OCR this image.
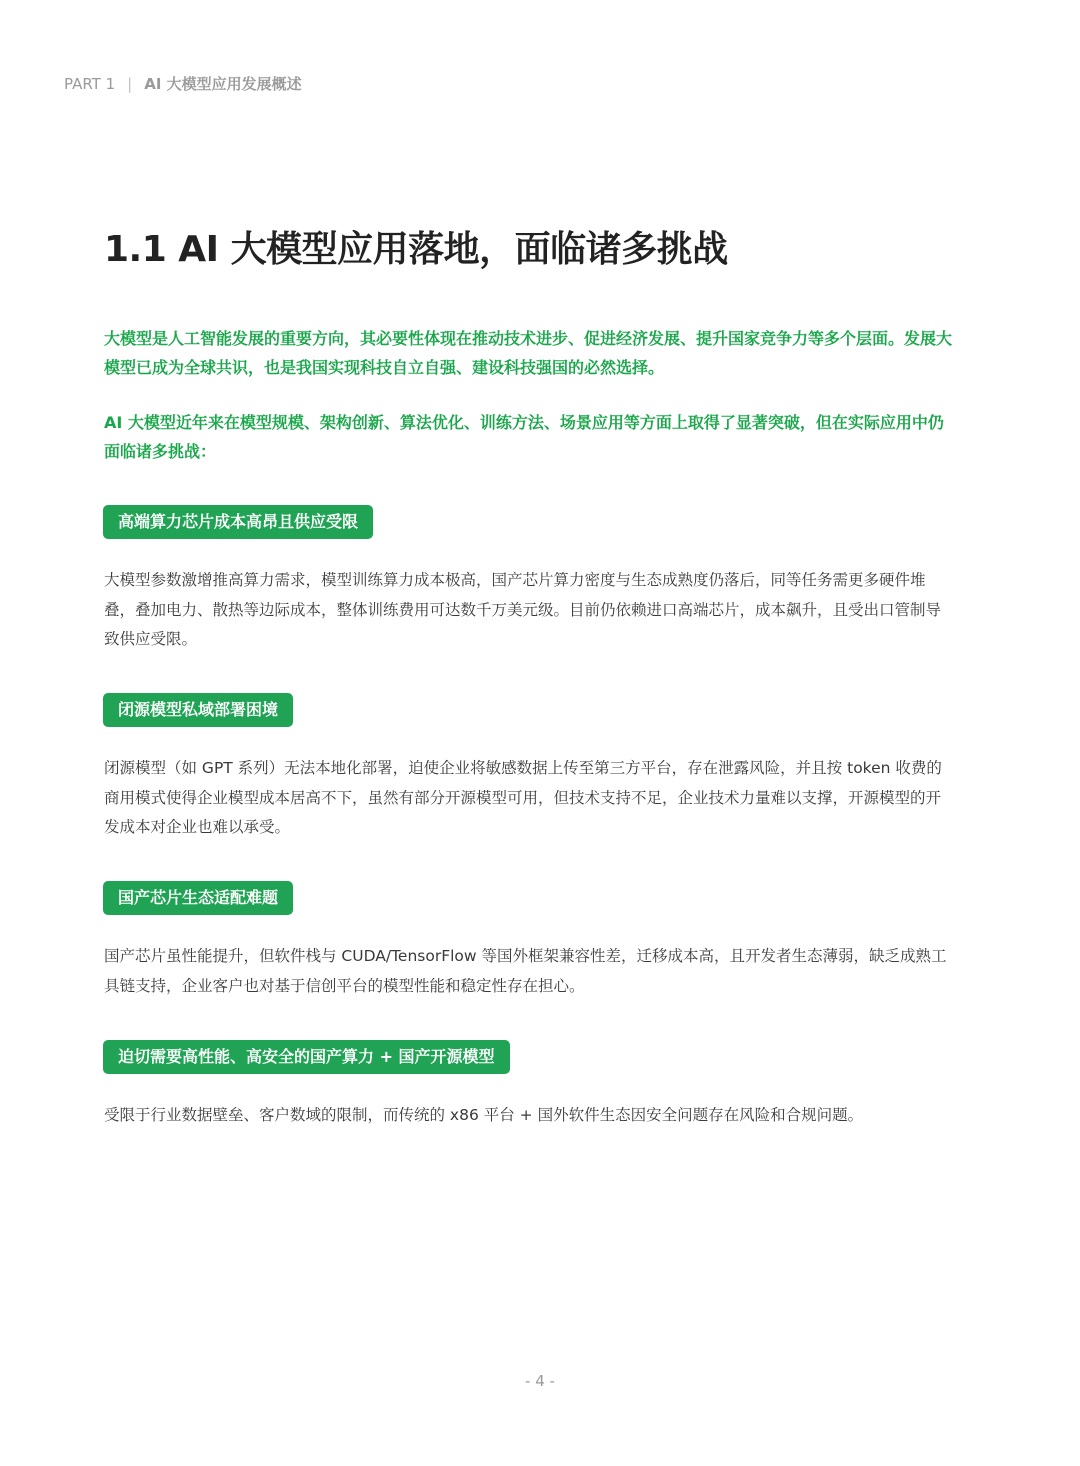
PART 1 | AI 大模型应用发展概述
1.1 AI 大模型应用落地，面临诸多挑战

大模型是人工智能发展的重要方向，其必要性体现在推动技术进步、促进经济发展、提升国家竞争力等多个层面。发展大模型已成为全球共识，也是我国实现科技自立自强、建设科技强国的必然选择。

AI 大模型近年来在模型规模、架构创新、算法优化、训练方法、场景应用等方面上取得了显著突破，但在实际应用中仍面临诸多挑战：

高端算力芯片成本高昂且供应受限

大模型参数激增推高算力需求，模型训练算力成本极高，国产芯片算力密度与生态成熟度仍落后，同等任务需更多硬件堆叠，叠加电力、散热等边际成本，整体训练费用可达数千万美元级。目前仍依赖进口高端芯片，成本飙升，且受出口管制导致供应受限。

闭源模型私域部署困境

闭源模型（如 GPT 系列）无法本地化部署，迫使企业将敏感数据上传至第三方平台，存在泄露风险，并且按 token 收费的商用模式使得企业模型成本居高不下，虽然有部分开源模型可用，但技术支持不足，企业技术力量难以支撑，开源模型的开发成本对企业也难以承受。

国产芯片生态适配难题

国产芯片虽性能提升，但软件栈与 CUDA/TensorFlow 等国外框架兼容性差，迁移成本高，且开发者生态薄弱，缺乏成熟工具链支持，企业客户也对基于信创平台的模型性能和稳定性存在担心。

迫切需要高性能、高安全的国产算力 + 国产开源模型

受限于行业数据壁垒、客户数域的限制，而传统的 x86 平台 + 国外软件生态因安全问题存在风险和合规问题。

- 4 -
